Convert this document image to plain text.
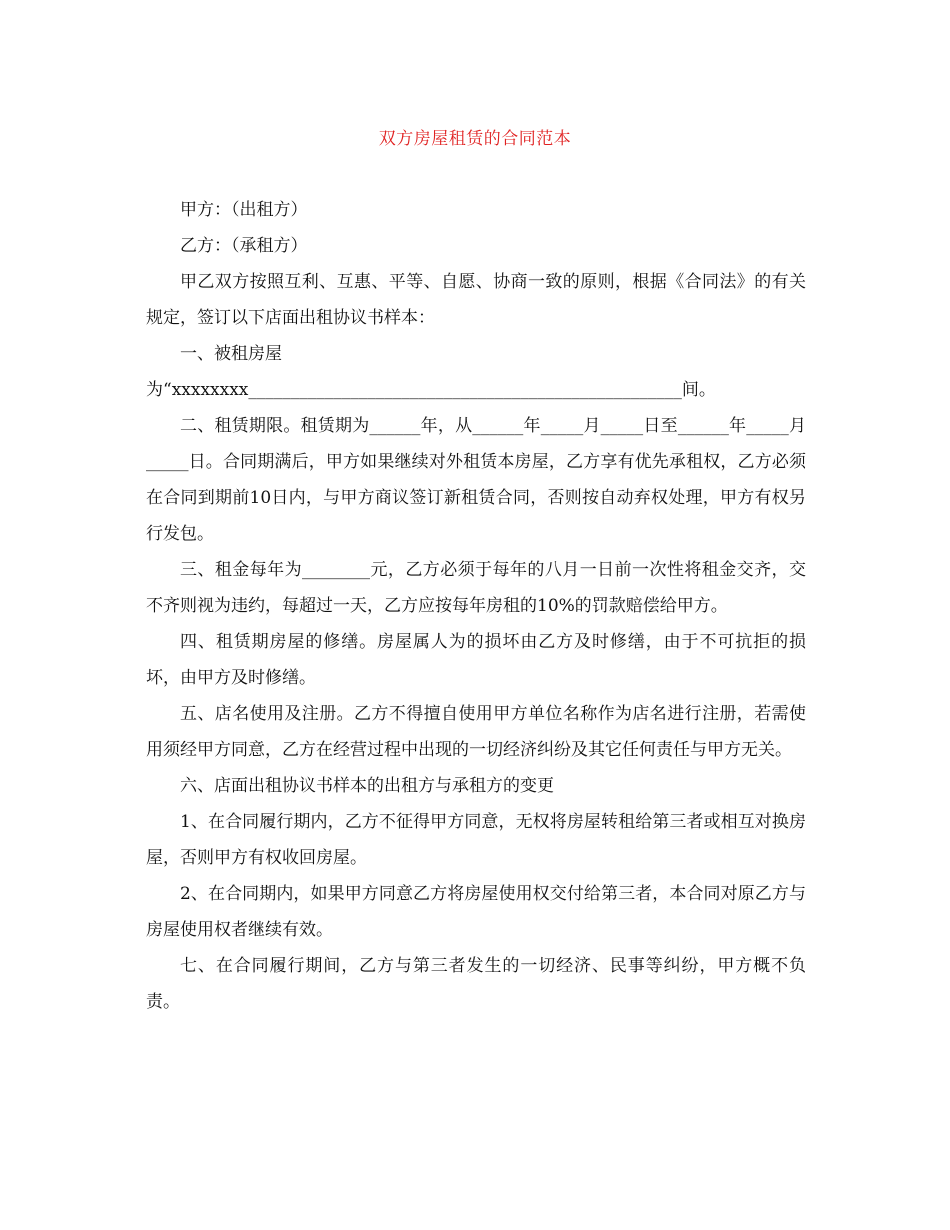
双方房屋租赁的合同范本

甲方：（出租方）

乙方：（承租方）

甲乙双方按照互利、互惠、平等、自愿、协商一致的原则，根据《合同法》的有关规定，签订以下店面出租协议书样本：

一、被租房屋

为“xxxxxxxx___________________________________________________间。

二、租赁期限。租赁期为______年，从______年_____月_____日至______年_____月_____日。合同期满后，甲方如果继续对外租赁本房屋，乙方享有优先承租权，乙方必须在合同到期前10日内，与甲方商议签订新租赁合同，否则按自动弃权处理，甲方有权另行发包。

三、租金每年为________元，乙方必须于每年的八月一日前一次性将租金交齐，交不齐则视为违约，每超过一天，乙方应按每年房租的10%的罚款赔偿给甲方。

四、租赁期房屋的修缮。房屋属人为的损坏由乙方及时修缮，由于不可抗拒的损坏，由甲方及时修缮。

五、店名使用及注册。乙方不得擅自使用甲方单位名称作为店名进行注册，若需使用须经甲方同意，乙方在经营过程中出现的一切经济纠纷及其它任何责任与甲方无关。

六、店面出租协议书样本的出租方与承租方的变更

1、在合同履行期内，乙方不征得甲方同意，无权将房屋转租给第三者或相互对换房屋，否则甲方有权收回房屋。

2、在合同期内，如果甲方同意乙方将房屋使用权交付给第三者，本合同对原乙方与房屋使用权者继续有效。

七、在合同履行期间，乙方与第三者发生的一切经济、民事等纠纷，甲方概不负责。
